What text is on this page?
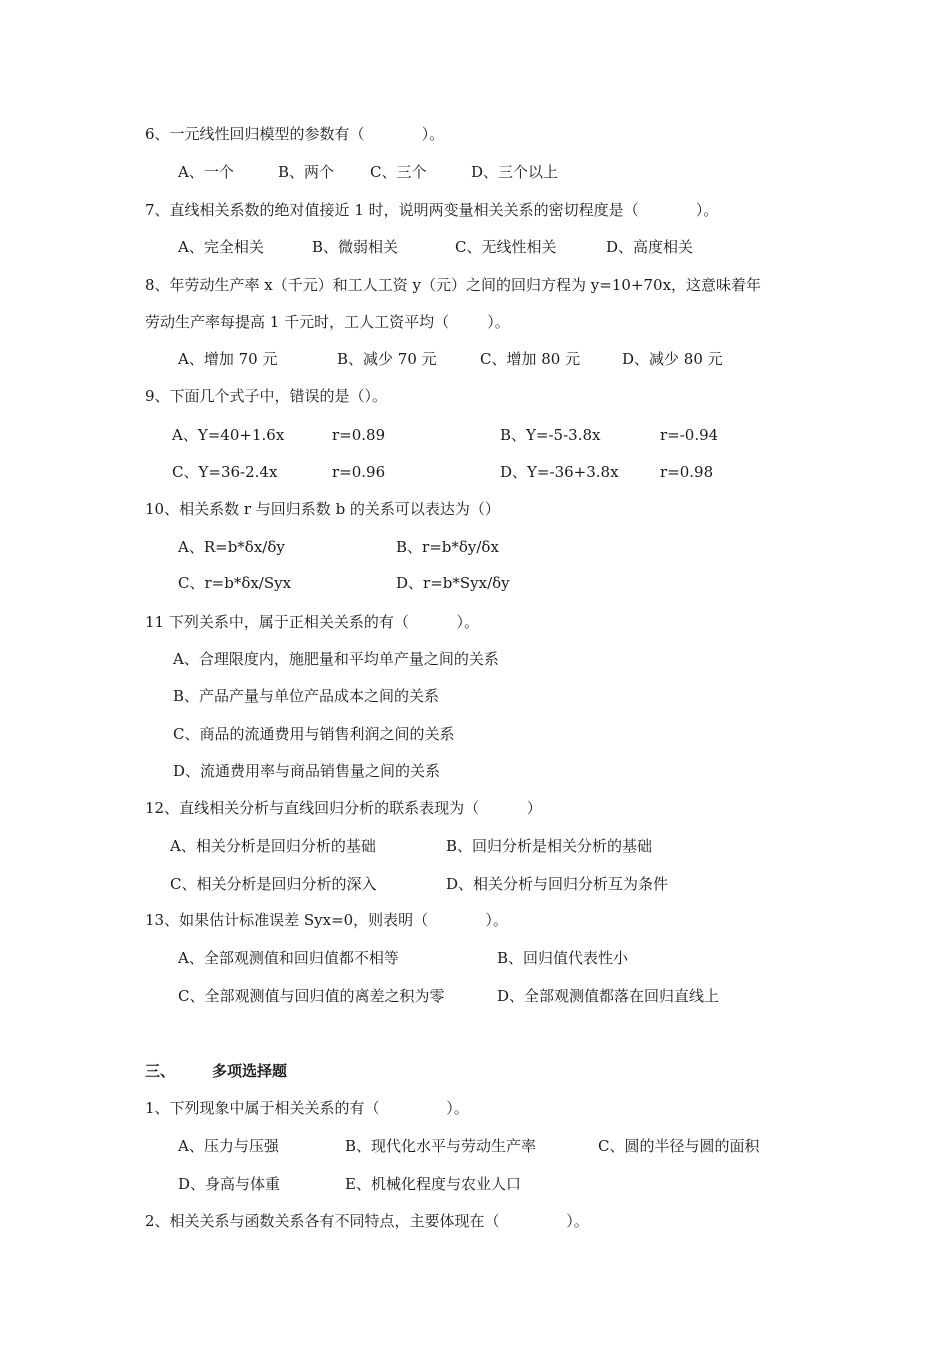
6、一元线性回归模型的参数有（            ）。
A、一个	B、两个 C、三个	D、三个以上
7、直线相关系数的绝对值接近 1 时，说明两变量相关关系的密切程度是（            ）。
A、完全相关	B、微弱相关	C、无线性相关	D、高度相关
8、年劳动生产率 x（千元）和工人工资 y（元）之间的回归方程为 y=10+70x，这意味着年
劳动生产率每提高 1 千元时，工人工资平均（        ）。
A、增加 70 元	B、减少 70 元	C、增加 80 元	D、减少 80 元
9、下面几个式子中，错误的是（）。
A、Y=40+1.6x	r=0.89	B、Y=-5-3.8x	r=-0.94
C、Y=36-2.4x	r=0.96	D、Y=-36+3.8x	r=0.98
10、相关系数 r 与回归系数 b 的关系可以表达为（）
A、R=b*δx/δy	B、r=b*δy/δx
C、r=b*δx/Syx	D、r=b*Syx/δy
11 下列关系中，属于正相关关系的有（          ）。
A、合理限度内，施肥量和平均单产量之间的关系
B、产品产量与单位产品成本之间的关系
C、商品的流通费用与销售利润之间的关系
D、流通费用率与商品销售量之间的关系
12、直线相关分析与直线回归分析的联系表现为（          ）
A、相关分析是回归分析的基础	B、回归分析是相关分析的基础
C、相关分析是回归分析的深入	D、相关分析与回归分析互为条件
13、如果估计标准误差 Syx=0，则表明（            ）。
A、全部观测值和回归值都不相等	B、回归值代表性小
C、全部观测值与回归值的离差之积为零	D、全部观测值都落在回归直线上
三、 多项选择题
1、下列现象中属于相关关系的有（              ）。
A、压力与压强	B、现代化水平与劳动生产率	C、圆的半径与圆的面积
D、身高与体重	E、机械化程度与农业人口
2、相关关系与函数关系各有不同特点，主要体现在（              ）。
